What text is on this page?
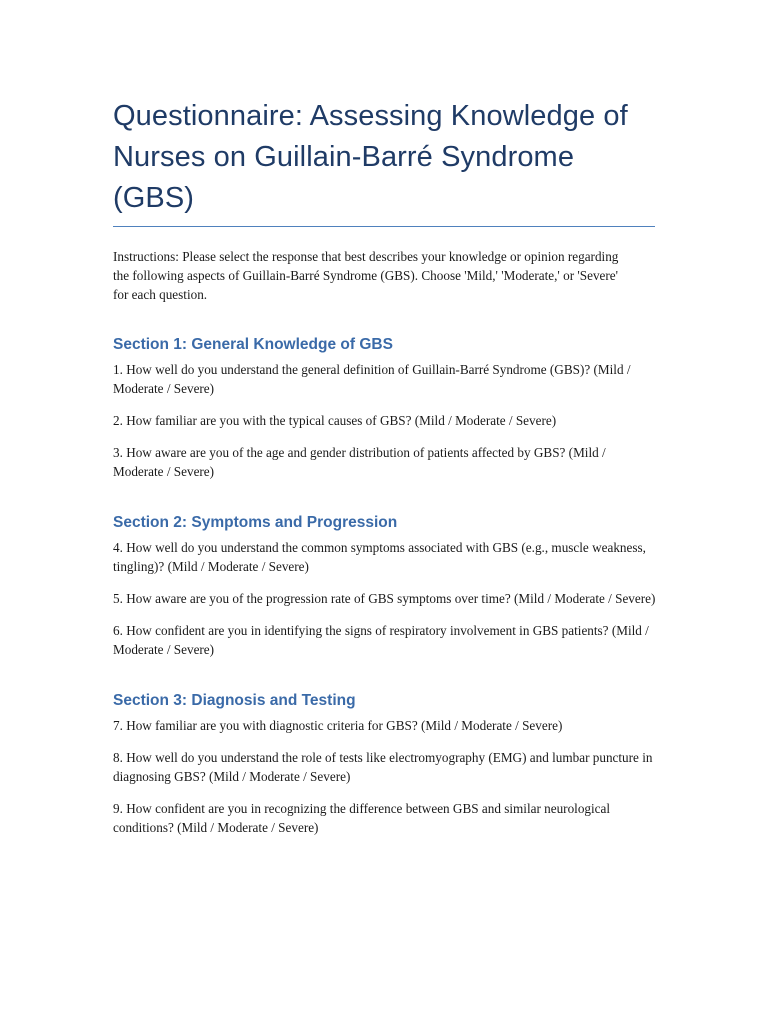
Questionnaire: Assessing Knowledge of Nurses on Guillain-Barré Syndrome (GBS)

Instructions: Please select the response that best describes your knowledge or opinion regarding the following aspects of Guillain-Barré Syndrome (GBS). Choose 'Mild,' 'Moderate,' or 'Severe' for each question.

Section 1: General Knowledge of GBS

1. How well do you understand the general definition of Guillain-Barré Syndrome (GBS)? (Mild / Moderate / Severe)

2. How familiar are you with the typical causes of GBS? (Mild / Moderate / Severe)

3. How aware are you of the age and gender distribution of patients affected by GBS? (Mild / Moderate / Severe)

Section 2: Symptoms and Progression

4. How well do you understand the common symptoms associated with GBS (e.g., muscle weakness, tingling)? (Mild / Moderate / Severe)

5. How aware are you of the progression rate of GBS symptoms over time? (Mild / Moderate / Severe)

6. How confident are you in identifying the signs of respiratory involvement in GBS patients? (Mild / Moderate / Severe)

Section 3: Diagnosis and Testing

7. How familiar are you with diagnostic criteria for GBS? (Mild / Moderate / Severe)

8. How well do you understand the role of tests like electromyography (EMG) and lumbar puncture in diagnosing GBS? (Mild / Moderate / Severe)

9. How confident are you in recognizing the difference between GBS and similar neurological conditions? (Mild / Moderate / Severe)
